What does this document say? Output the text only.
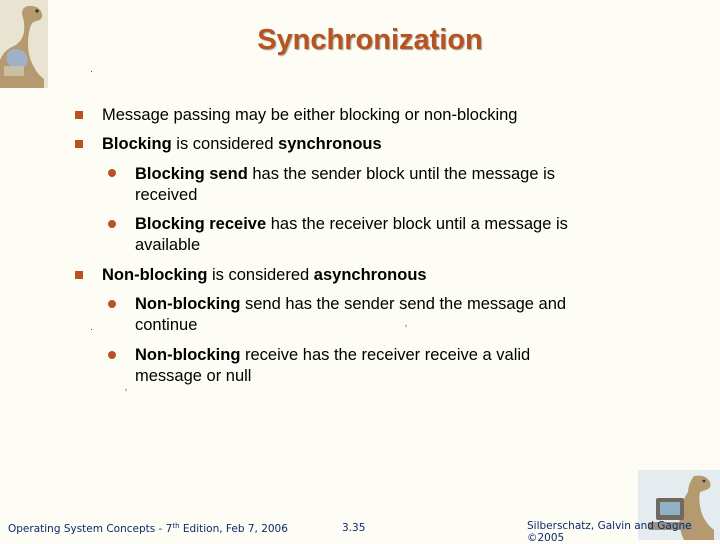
Synchronization
·
Message passing may be either blocking or non-blocking
Blocking is considered synchronous
Blocking send has the sender block until the message is
received
Blocking receive has the receiver block until a message is
available
Non-blocking is considered asynchronous
Non-blocking send has the sender send the message and
continue
·	ʼ
Non-blocking receive has the receiver receive a valid
message or null
ʼ
Operating System Concepts - 7th Edition, Feb 7, 2006	3.35	Silberschatz, Galvin and Gagne ©2005
